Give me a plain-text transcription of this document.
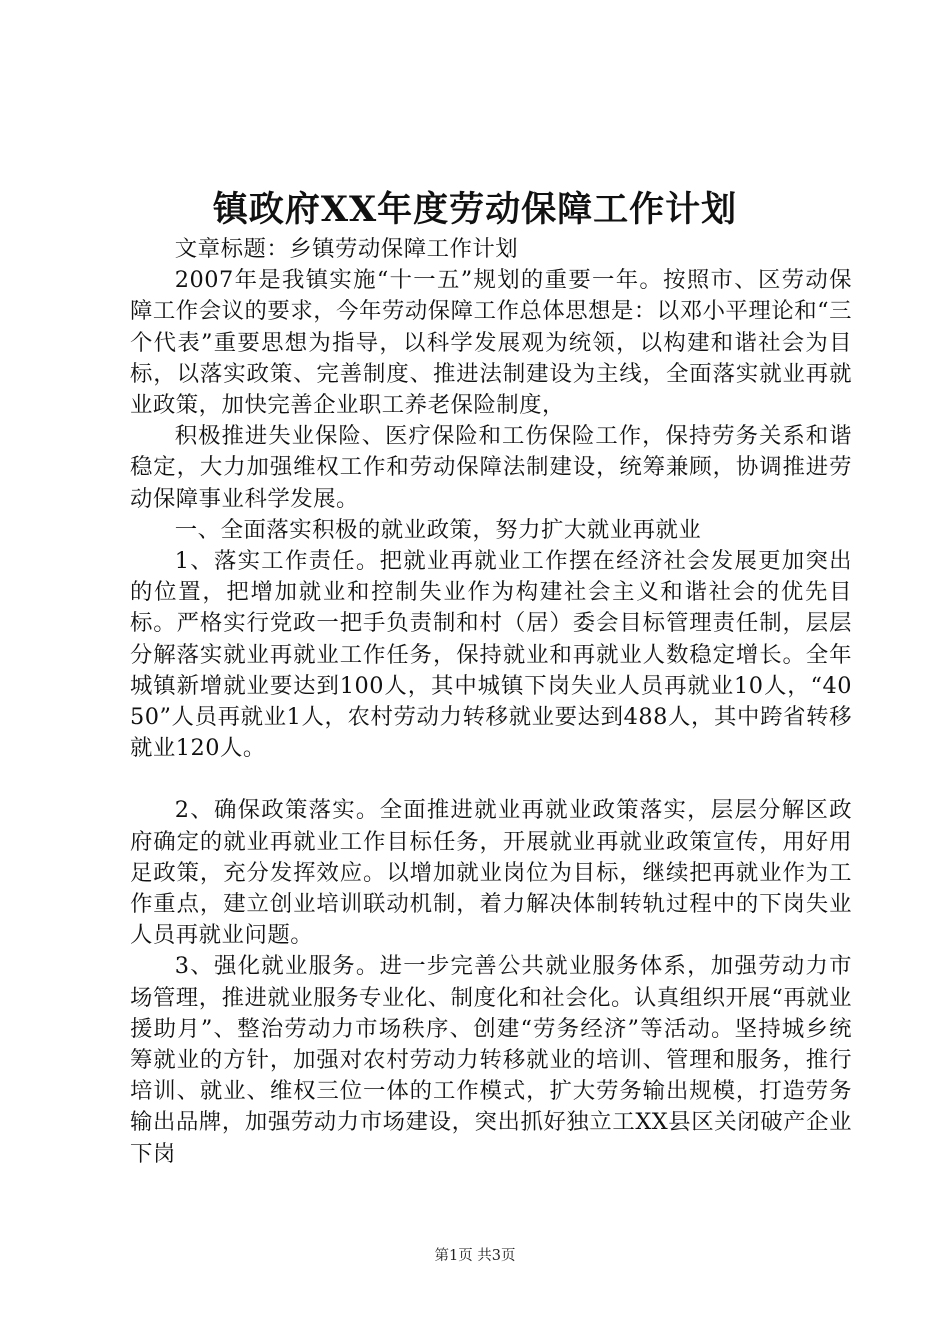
镇政府XX年度劳动保障工作计划

文章标题：乡镇劳动保障工作计划

2007年是我镇实施“十一五”规划的重要一年。按照市、区劳动保障工作会议的要求，今年劳动保障工作总体思想是：以邓小平理论和“三个代表”重要思想为指导，以科学发展观为统领，以构建和谐社会为目标，以落实政策、完善制度、推进法制建设为主线，全面落实就业再就业政策，加快完善企业职工养老保险制度，

积极推进失业保险、医疗保险和工伤保险工作，保持劳务关系和谐稳定，大力加强维权工作和劳动保障法制建设，统筹兼顾，协调推进劳动保障事业科学发展。

一、全面落实积极的就业政策，努力扩大就业再就业

1、落实工作责任。把就业再就业工作摆在经济社会发展更加突出的位置，把增加就业和控制失业作为构建社会主义和谐社会的优先目标。严格实行党政一把手负责制和村（居）委会目标管理责任制，层层分解落实就业再就业工作任务，保持就业和再就业人数稳定增长。全年城镇新增就业要达到100人，其中城镇下岗失业人员再就业10人，“4050”人员再就业1人，农村劳动力转移就业要达到488人，其中跨省转移就业120人。

2、确保政策落实。全面推进就业再就业政策落实，层层分解区政府确定的就业再就业工作目标任务，开展就业再就业政策宣传，用好用足政策，充分发挥效应。以增加就业岗位为目标，继续把再就业作为工作重点，建立创业培训联动机制，着力解决体制转轨过程中的下岗失业人员再就业问题。

3、强化就业服务。进一步完善公共就业服务体系，加强劳动力市场管理，推进就业服务专业化、制度化和社会化。认真组织开展“再就业援助月”、整治劳动力市场秩序、创建“劳务经济”等活动。坚持城乡统筹就业的方针，加强对农村劳动力转移就业的培训、管理和服务，推行培训、就业、维权三位一体的工作模式，扩大劳务输出规模，打造劳务输出品牌，加强劳动力市场建设，突出抓好独立工XX县区关闭破产企业下岗

第1页 共3页
